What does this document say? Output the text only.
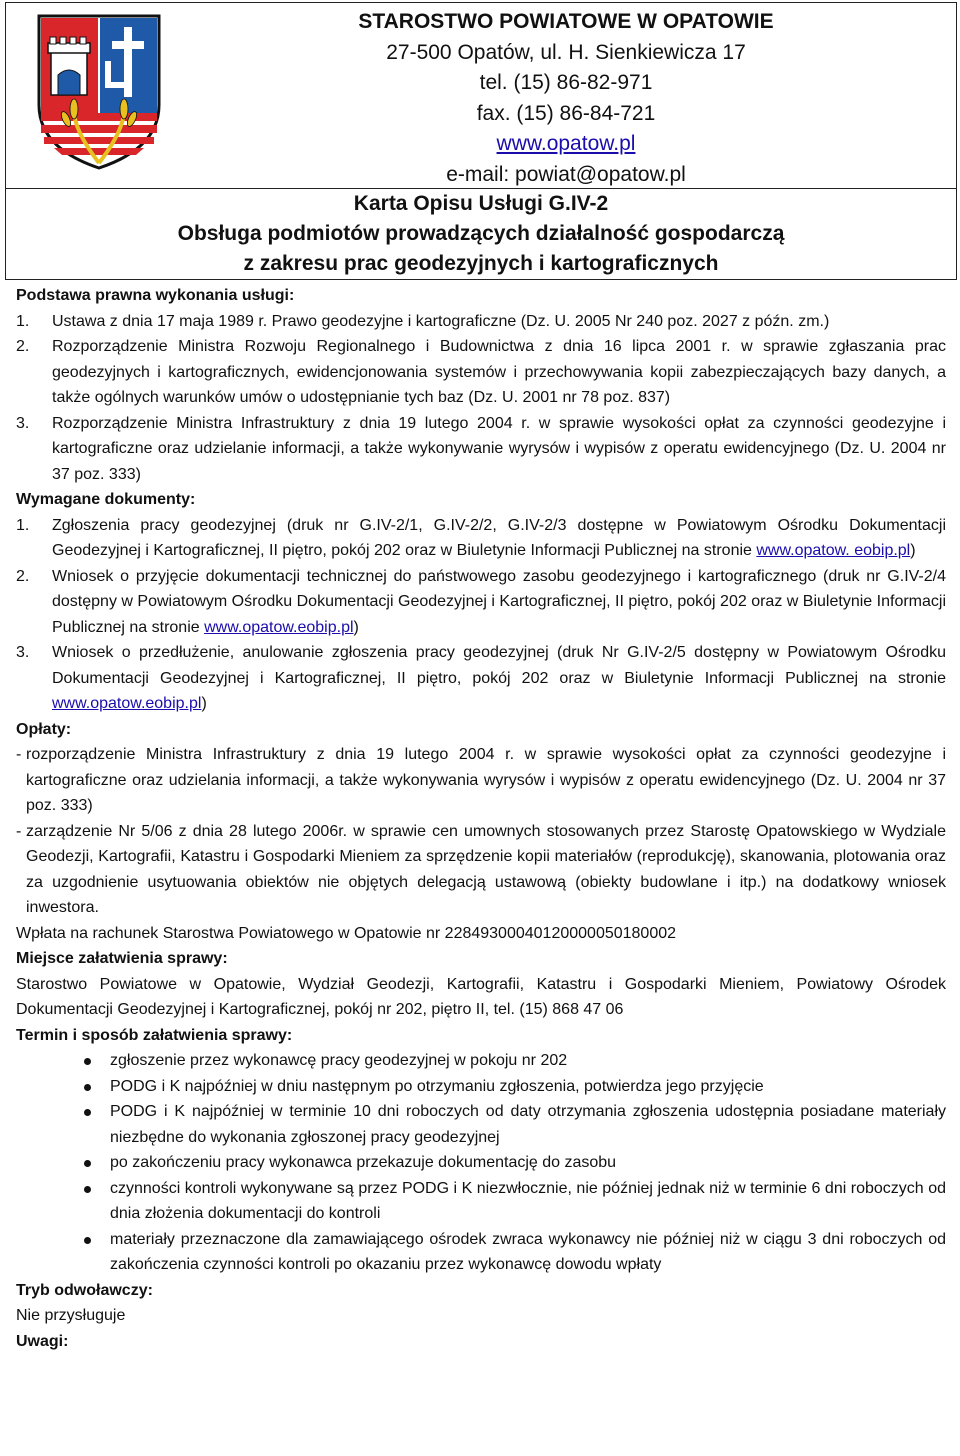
STAROSTWO POWIATOWE W OPATOWIE
27-500 Opatów, ul. H. Sienkiewicza 17
tel. (15) 86-82-971
fax. (15) 86-84-721
www.opatow.pl
e-mail: powiat@opatow.pl
Karta Opisu Usługi G.IV-2
Obsługa podmiotów prowadzących działalność gospodarczą
z zakresu prac geodezyjnych i kartograficznych
Podstawa prawna wykonania usługi:
1. Ustawa z dnia 17 maja 1989 r. Prawo geodezyjne i kartograficzne (Dz. U. 2005 Nr 240 poz. 2027 z późn. zm.)
2. Rozporządzenie Ministra Rozwoju Regionalnego i Budownictwa z dnia 16 lipca 2001 r. w sprawie zgłaszania prac geodezyjnych i kartograficznych, ewidencjonowania systemów i przechowywania kopii zabezpieczających bazy danych, a także ogólnych warunków umów o udostępnianie tych baz (Dz. U. 2001 nr 78 poz. 837)
3. Rozporządzenie Ministra Infrastruktury z dnia 19 lutego 2004 r. w sprawie wysokości opłat za czynności geodezyjne i kartograficzne oraz udzielanie informacji, a także wykonywanie wyrysów i wypisów z operatu ewidencyjnego (Dz. U. 2004 nr 37 poz. 333)
Wymagane dokumenty:
1. Zgłoszenia pracy geodezyjnej (druk nr G.IV-2/1, G.IV-2/2, G.IV-2/3 dostępne w Powiatowym Ośrodku Dokumentacji Geodezyjnej i Kartograficznej, II piętro, pokój 202 oraz w Biuletynie Informacji Publicznej na stronie www.opatow. eobip.pl)
2. Wniosek o przyjęcie dokumentacji technicznej do państwowego zasobu geodezyjnego i kartograficznego (druk nr G.IV-2/4 dostępny w Powiatowym Ośrodku Dokumentacji Geodezyjnej i Kartograficznej, II piętro, pokój 202 oraz w Biuletynie Informacji Publicznej na stronie www.opatow.eobip.pl)
3. Wniosek o przedłużenie, anulowanie zgłoszenia pracy geodezyjnej (druk Nr G.IV-2/5 dostępny w Powiatowym Ośrodku Dokumentacji Geodezyjnej i Kartograficznej, II piętro, pokój 202 oraz w Biuletynie Informacji Publicznej na stronie www.opatow.eobip.pl)
Opłaty:
- rozporządzenie Ministra Infrastruktury z dnia 19 lutego 2004 r. w sprawie wysokości opłat za czynności geodezyjne i kartograficzne oraz udzielania informacji, a także wykonywania wyrysów i wypisów z operatu ewidencyjnego (Dz. U. 2004 nr 37 poz. 333)
- zarządzenie Nr 5/06 z dnia 28 lutego 2006r. w sprawie cen umownych stosowanych przez Starostę Opatowskiego w Wydziale Geodezji, Kartografii, Katastru i Gospodarki Mieniem za sprzędzenie kopii materiałów (reprodukcję), skanowania, plotowania oraz za uzgodnienie usytuowania obiektów nie objętych delegacją ustawową (obiekty budowlane i itp.) na dodatkowy wniosek inwestora.
Wpłata na rachunek Starostwa Powiatowego w Opatowie nr 22849300040120000050180002
Miejsce załatwienia sprawy:
Starostwo Powiatowe w Opatowie, Wydział Geodezji, Kartografii, Katastru i Gospodarki Mieniem, Powiatowy Ośrodek Dokumentacji Geodezyjnej i Kartograficznej, pokój nr 202, piętro II, tel. (15) 868 47 06
Termin i sposób załatwienia sprawy:
zgłoszenie przez wykonawcę pracy geodezyjnej w pokoju nr 202
PODG i K najpóźniej w dniu następnym po otrzymaniu zgłoszenia, potwierdza jego przyjęcie
PODG i K najpóźniej w terminie 10 dni roboczych od daty otrzymania zgłoszenia udostępnia posiadane materiały niezbędne do wykonania zgłoszonej pracy geodezyjnej
po zakończeniu pracy wykonawca przekazuje dokumentację do zasobu
czynności kontroli wykonywane są przez PODG i K niezwłocznie, nie później jednak niż w terminie 6 dni roboczych od dnia złożenia dokumentacji do kontroli
materiały przeznaczone dla zamawiającego ośrodek zwraca wykonawcy nie później niż w ciągu 3 dni roboczych od zakończenia czynności kontroli po okazaniu przez wykonawcę dowodu wpłaty
Tryb odwoławczy:
Nie przysługuje
Uwagi:
